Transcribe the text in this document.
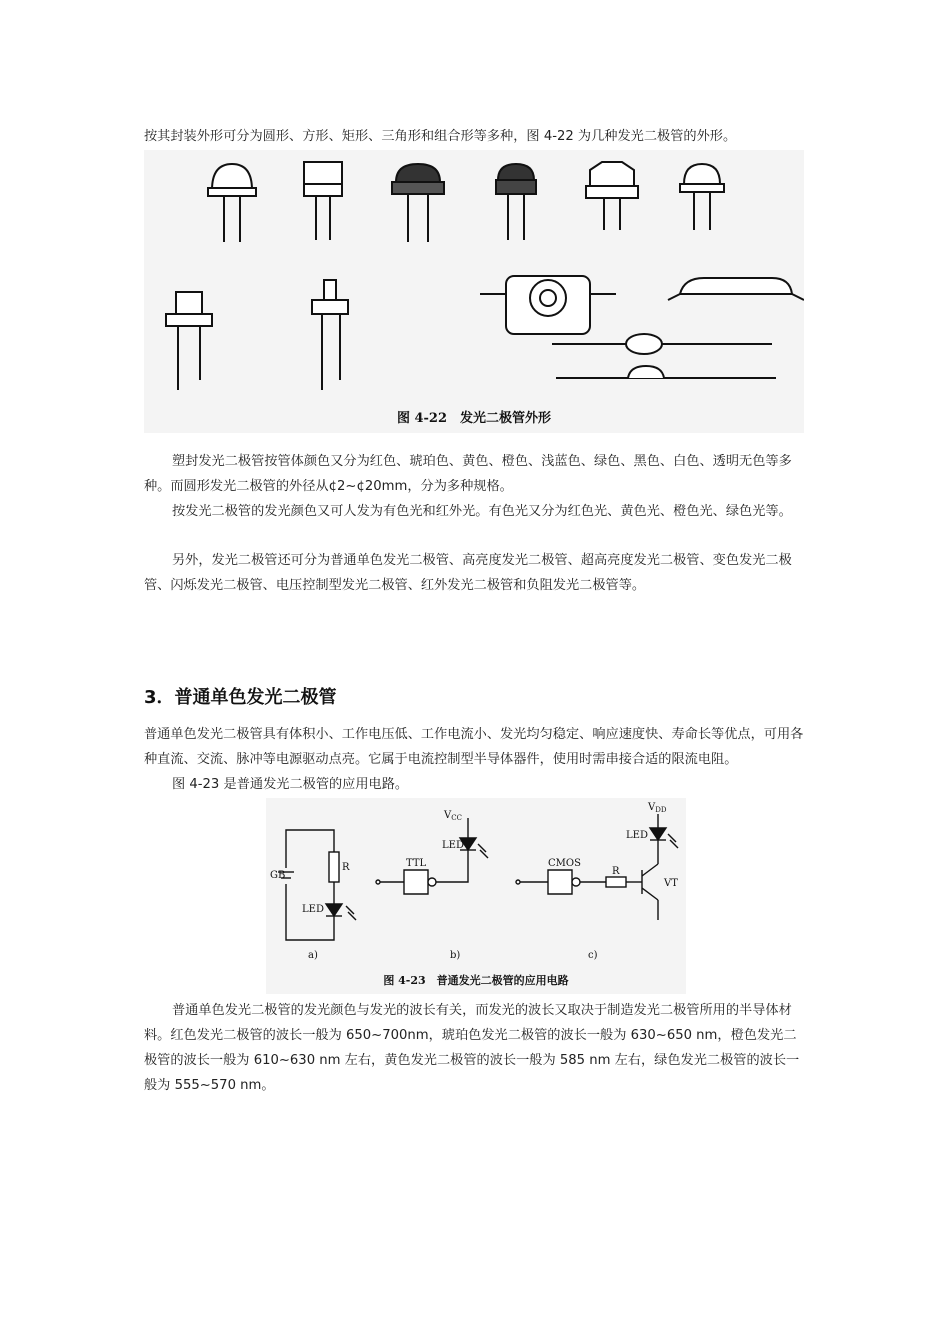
按其封装外形可分为圆形、方形、矩形、三角形和组合形等多种，图 4-22 为几种发光二极管的外形。

图 4-22　发光二极管外形

塑封发光二极管按管体颜色又分为红色、琥珀色、黄色、橙色、浅蓝色、绿色、黑色、白色、透明无色等多种。而圆形发光二极管的外径从¢2~¢20mm，分为多种规格。

按发光二极管的发光颜色又可人发为有色光和红外光。有色光又分为红色光、黄色光、橙色光、绿色光等。

另外，发光二极管还可分为普通单色发光二极管、高亮度发光二极管、超高亮度发光二极管、变色发光二极管、闪烁发光二极管、电压控制型发光二极管、红外发光二极管和负阻发光二极管等。

3．普通单色发光二极管

普通单色发光二极管具有体积小、工作电压低、工作电流小、发光均匀稳定、响应速度快、寿命长等优点，可用各种直流、交流、脉冲等电源驱动点亮。它属于电流控制型半导体器件，使用时需串接合适的限流电阻。

图 4-23 是普通发光二极管的应用电路。

GB
R
LED
LED
$V_{CC}$
TTL	CMOS
R
LED
$V_{DD}$
VT
a)	b)	c)
图 4-23　普通发光二极管的应用电路

普通单色发光二极管的发光颜色与发光的波长有关，而发光的波长又取决于制造发光二极管所用的半导体材料。红色发光二极管的波长一般为 650~700nm，琥珀色发光二极管的波长一般为 630~650 nm，橙色发光二极管的波长一般为 610~630 nm 左右，黄色发光二极管的波长一般为 585 nm 左右，绿色发光二极管的波长一般为 555~570 nm。
